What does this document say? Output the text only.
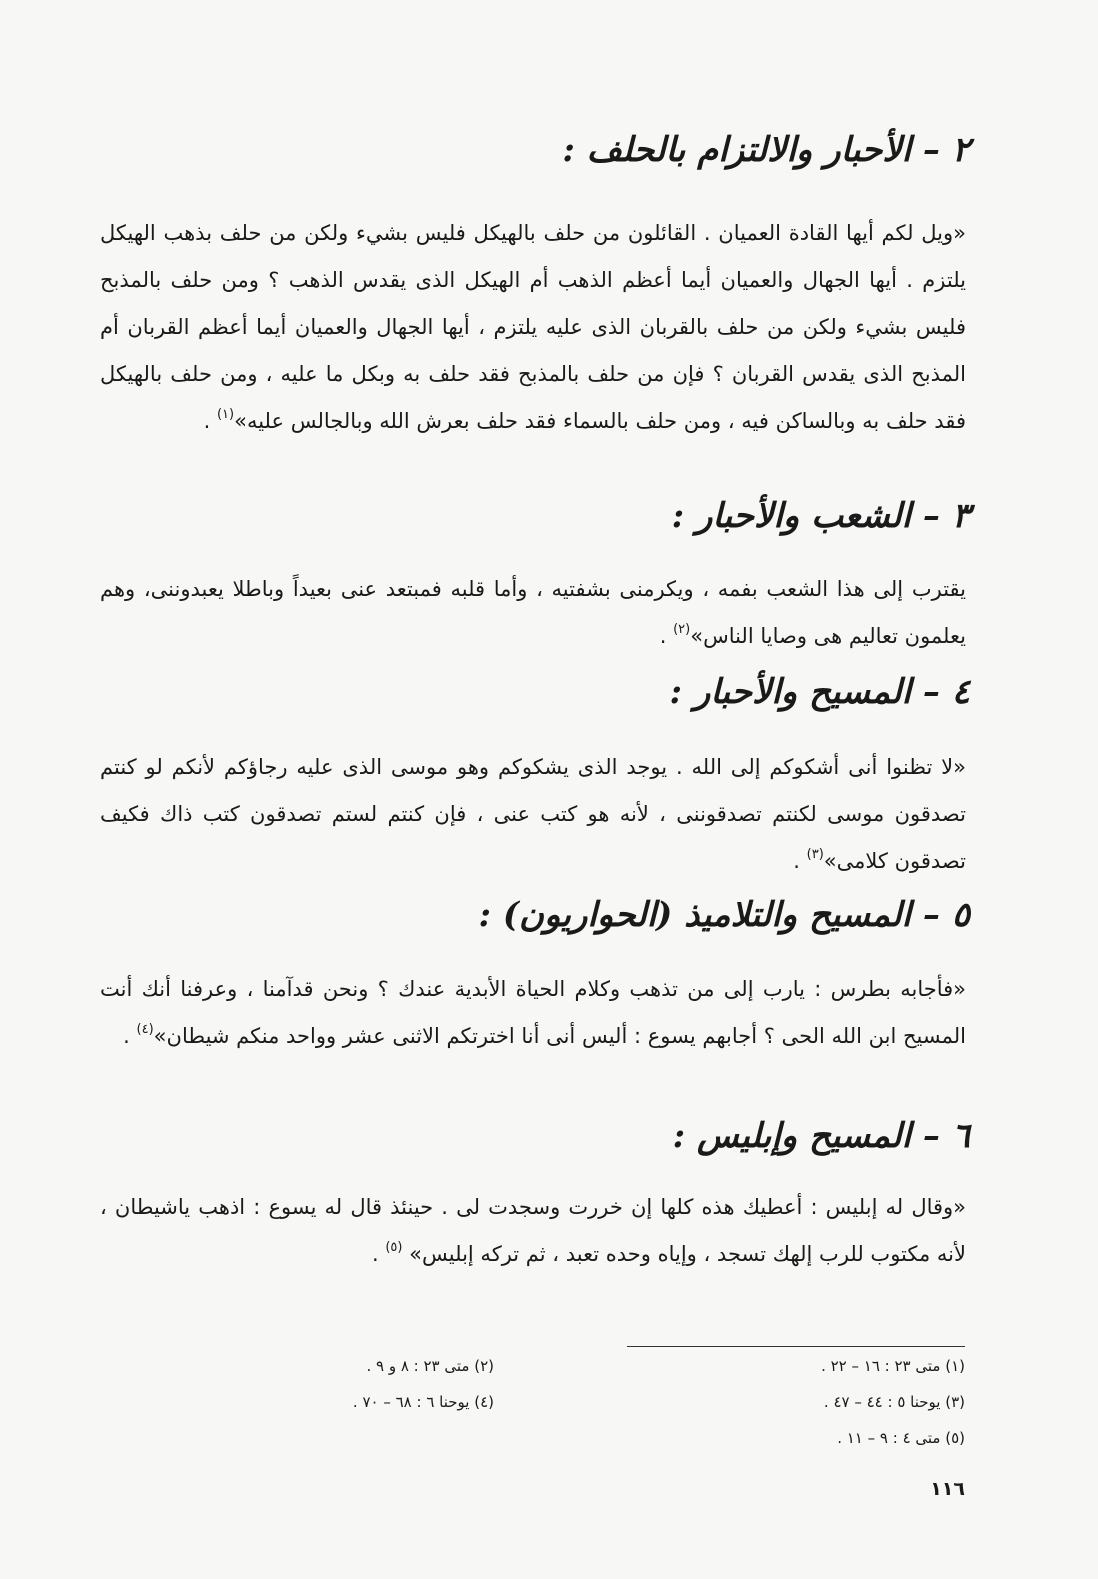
٢ – الأحبار والالتزام بالحلف :

«ويل لكم أيها القادة العميان . القائلون من حلف بالهيكل فليس بشيء ولكن من حلف بذهب الهيكل يلتزم . أيها الجهال والعميان أيما أعظم الذهب أم الهيكل الذى يقدس الذهب ؟ ومن حلف بالمذبح فليس بشيء ولكن من حلف بالقربان الذى عليه يلتزم ، أيها الجهال والعميان أيما أعظم القربان أم المذبح الذى يقدس القربان ؟ فإن من حلف بالمذبح فقد حلف به وبكل ما عليه ، ومن حلف بالهيكل فقد حلف به وبالساكن فيه ، ومن حلف بالسماء فقد حلف بعرش الله وبالجالس عليه»$^{(١)}$ .

٣ – الشعب والأحبار :

يقترب إلى هذا الشعب بفمه ، ويكرمنى بشفتيه ، وأما قلبه فمبتعد عنى بعيداً وباطلا يعبدوننى، وهم يعلمون تعاليم هى وصايا الناس»$^{(٢)}$ .

٤ – المسيح والأحبار :

«لا تظنوا أنى أشكوكم إلى الله . يوجد الذى يشكوكم وهو موسى الذى عليه رجاؤكم لأنكم لو كنتم تصدقون موسى لكنتم تصدقوننى ، لأنه هو كتب عنى ، فإن كنتم لستم تصدقون كتب ذاك فكيف تصدقون كلامى»$^{(٣)}$ .

٥ – المسيح والتلاميذ (الحواريون) :

«فأجابه بطرس : يارب إلى من تذهب وكلام الحياة الأبدية عندك ؟ ونحن قدآمنا ، وعرفنا أنك أنت المسيح ابن الله الحى ؟ أجابهم يسوع : أليس أنى أنا اخترتكم الاثنى عشر وواحد منكم شيطان»$^{(٤)}$ .

٦ – المسيح وإبليس :

«وقال له إبليس : أعطيك هذه كلها إن خررت وسجدت لى . حينئذ قال له يسوع : اذهب ياشيطان ، لأنه مكتوب للرب إلهك تسجد ، وإياه وحده تعبد ، ثم تركه إبليس» $^{(٥)}$ .

(١) متى ٢٣ : ١٦ – ٢٢ .
(٣) يوحنا ٥ : ٤٤ – ٤٧ .
(٥) متى ٤ : ٩ – ١١ .
(٢) متى ٢٣ : ٨ و ٩ .
(٤) يوحنا ٦ : ٦٨ – ٧٠ .
١١٦
